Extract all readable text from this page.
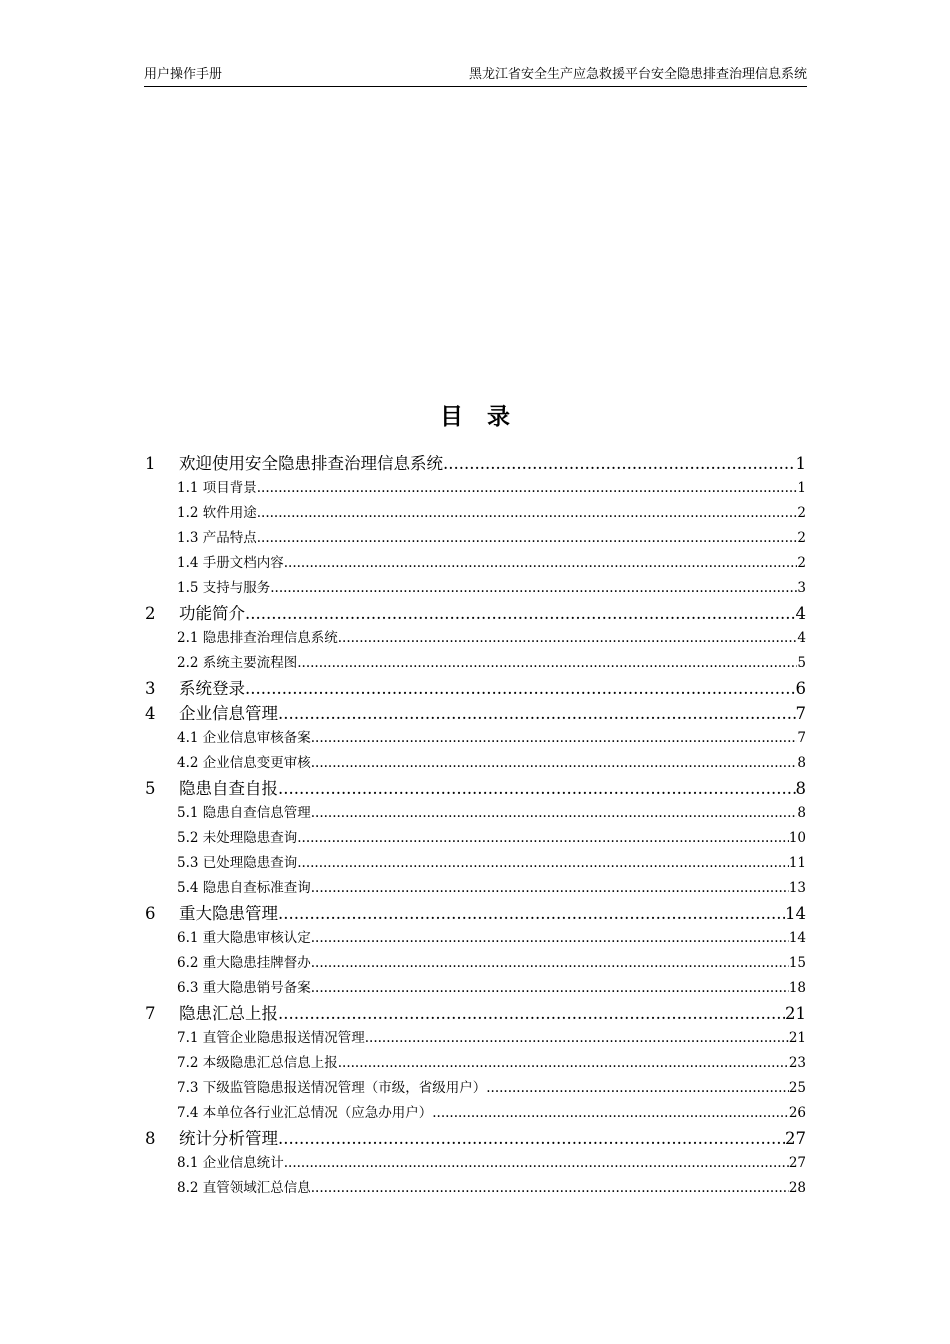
用户操作手册	黑龙江省安全生产应急救援平台安全隐患排查治理信息系统
目录
1	欢迎使用安全隐患排查治理信息系统 .....	1
1.1 项目背景 .....	1
1.2 软件用途 .....	2
1.3 产品特点 .....	2
1.4 手册文档内容 .....	2
1.5 支持与服务 .....	3
2	功能简介 .....	4
2.1 隐患排查治理信息系统 .....	4
2.2 系统主要流程图 .....	5
3	系统登录 .....	6
4	企业信息管理 .....	7
4.1 企业信息审核备案 .....	7
4.2 企业信息变更审核 .....	8
5	隐患自查自报 .....	8
5.1 隐患自查信息管理 .....	8
5.2 未处理隐患查询 .....	10
5.3 已处理隐患查询 .....	11
5.4 隐患自查标准查询 .....	13
6	重大隐患管理 .....	14
6.1 重大隐患审核认定 .....	14
6.2 重大隐患挂牌督办 .....	15
6.3 重大隐患销号备案 .....	18
7	隐患汇总上报 .....	21
7.1 直管企业隐患报送情况管理 .....	21
7.2 本级隐患汇总信息上报 .....	23
7.3 下级监管隐患报送情况管理（市级，省级用户） .....	25
7.4 本单位各行业汇总情况（应急办用户） .....	26
8	统计分析管理 .....	27
8.1 企业信息统计 .....	27
8.2 直管领域汇总信息 .....	28
